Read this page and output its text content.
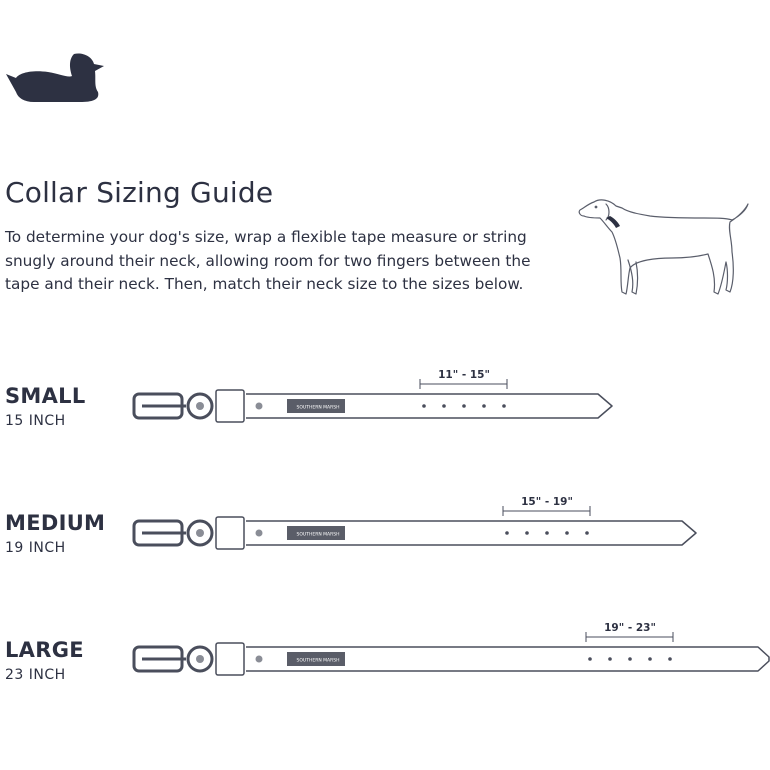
Collar Sizing Guide

To determine your dog's size, wrap a flexible tape measure or string

snugly around their neck, allowing room for two fingers between the

tape and their neck. Then, match their neck size to the sizes below.

SMALL
15 INCH
11" - 15"
SOUTHERN MARSH
MEDIUM
19 INCH
15" - 19"
SOUTHERN MARSH
LARGE
23 INCH
19" - 23"
SOUTHERN MARSH
